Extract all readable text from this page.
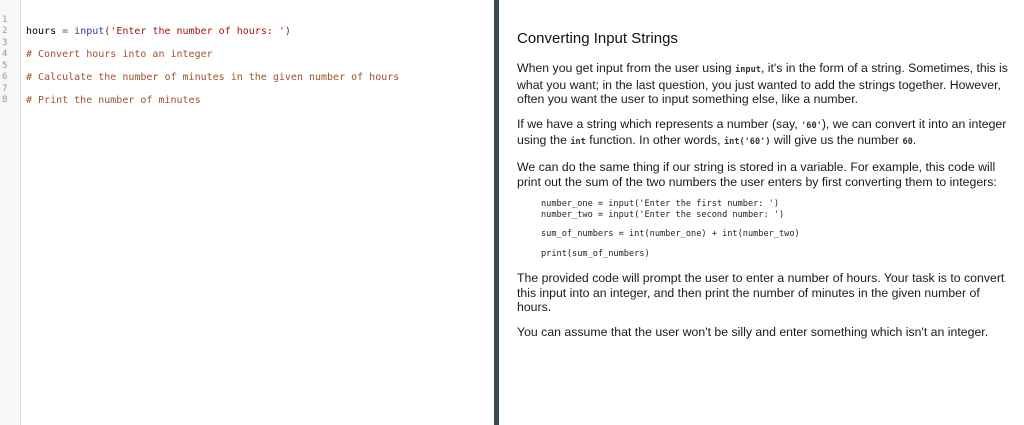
1

hours = input('Enter the number of hours: ')

2

3

# Convert hours into an integer

4

5

# Calculate the number of minutes in the given number of hours

6

7

# Print the number of minutes

8

Converting Input Strings

When you get input from the user using input, it's in the form of a string. Sometimes, this is what you want; in the last question, you just wanted to add the strings together. However, often you want the user to input something else, like a number.

If we have a string which represents a number (say, '60'), we can convert it into an integer using the int function. In other words, int('60') will give us the number 60.

We can do the same thing if our string is stored in a variable. For example, this code will print out the sum of the two numbers the user enters by first converting them to integers:

number_one = input('Enter the first number: ')
number_two = input('Enter the second number: ')
sum_of_numbers = int(number_one) + int(number_two)
print(sum_of_numbers)

The provided code will prompt the user to enter a number of hours. Your task is to convert this input into an integer, and then print the number of minutes in the given number of hours.

You can assume that the user won't be silly and enter something which isn't an integer.
